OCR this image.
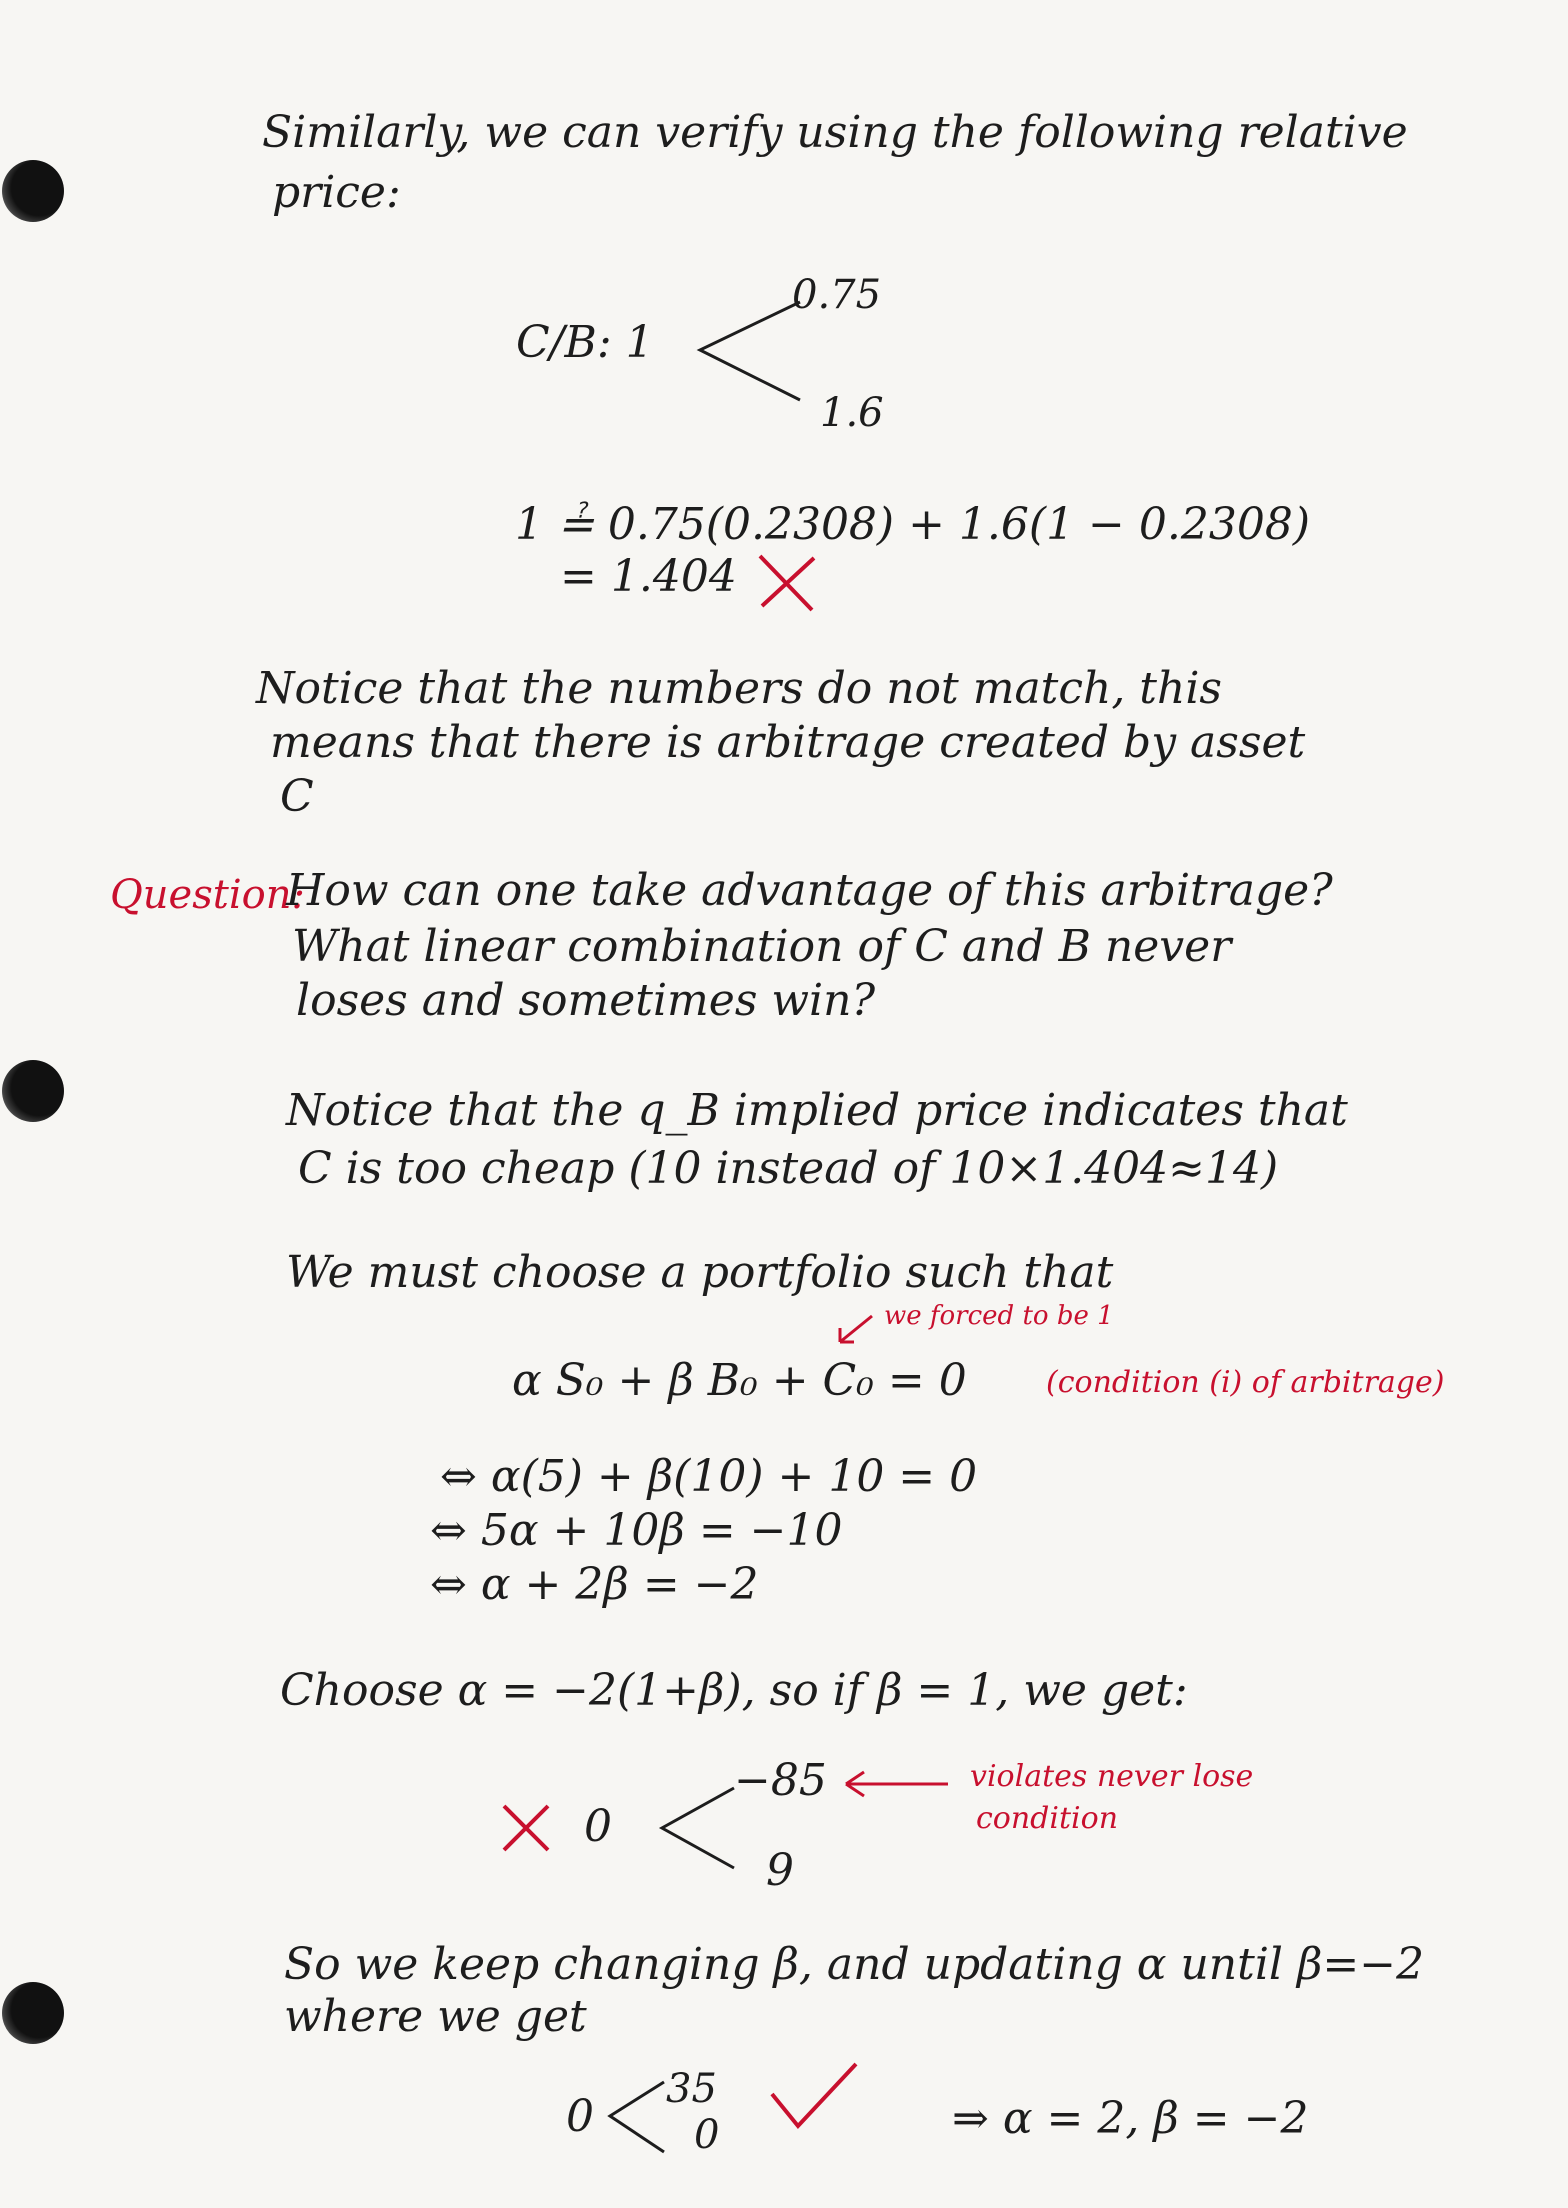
Similarly, we can verify using the following relative
price:
C/B: 1
0.75
1.6
1 ≟ 0.75(0.2308) + 1.6(1 − 0.2308)
= 1.404
Notice that the numbers do not match, this
means that there is arbitrage created by asset
C
Question:
How can one take advantage of this arbitrage?
What linear combination of C and B never
loses and sometimes win?
Notice that the q_B implied price indicates that
C is too cheap (10 instead of 10×1.404≈14)
We must choose a portfolio such that
we forced to be 1
α S₀ + β B₀ + C₀ = 0	(condition (i) of arbitrage)
⇔ α(5) + β(10) + 10 = 0
⇔ 5α + 10β = −10
⇔ α + 2β = −2
Choose α = −2(1+β), so if β = 1, we get:
0
−85	violates never lose
condition
9
So we keep changing β, and updating α until β=−2
where we get
0
35
0	⇒ α = 2, β = −2
